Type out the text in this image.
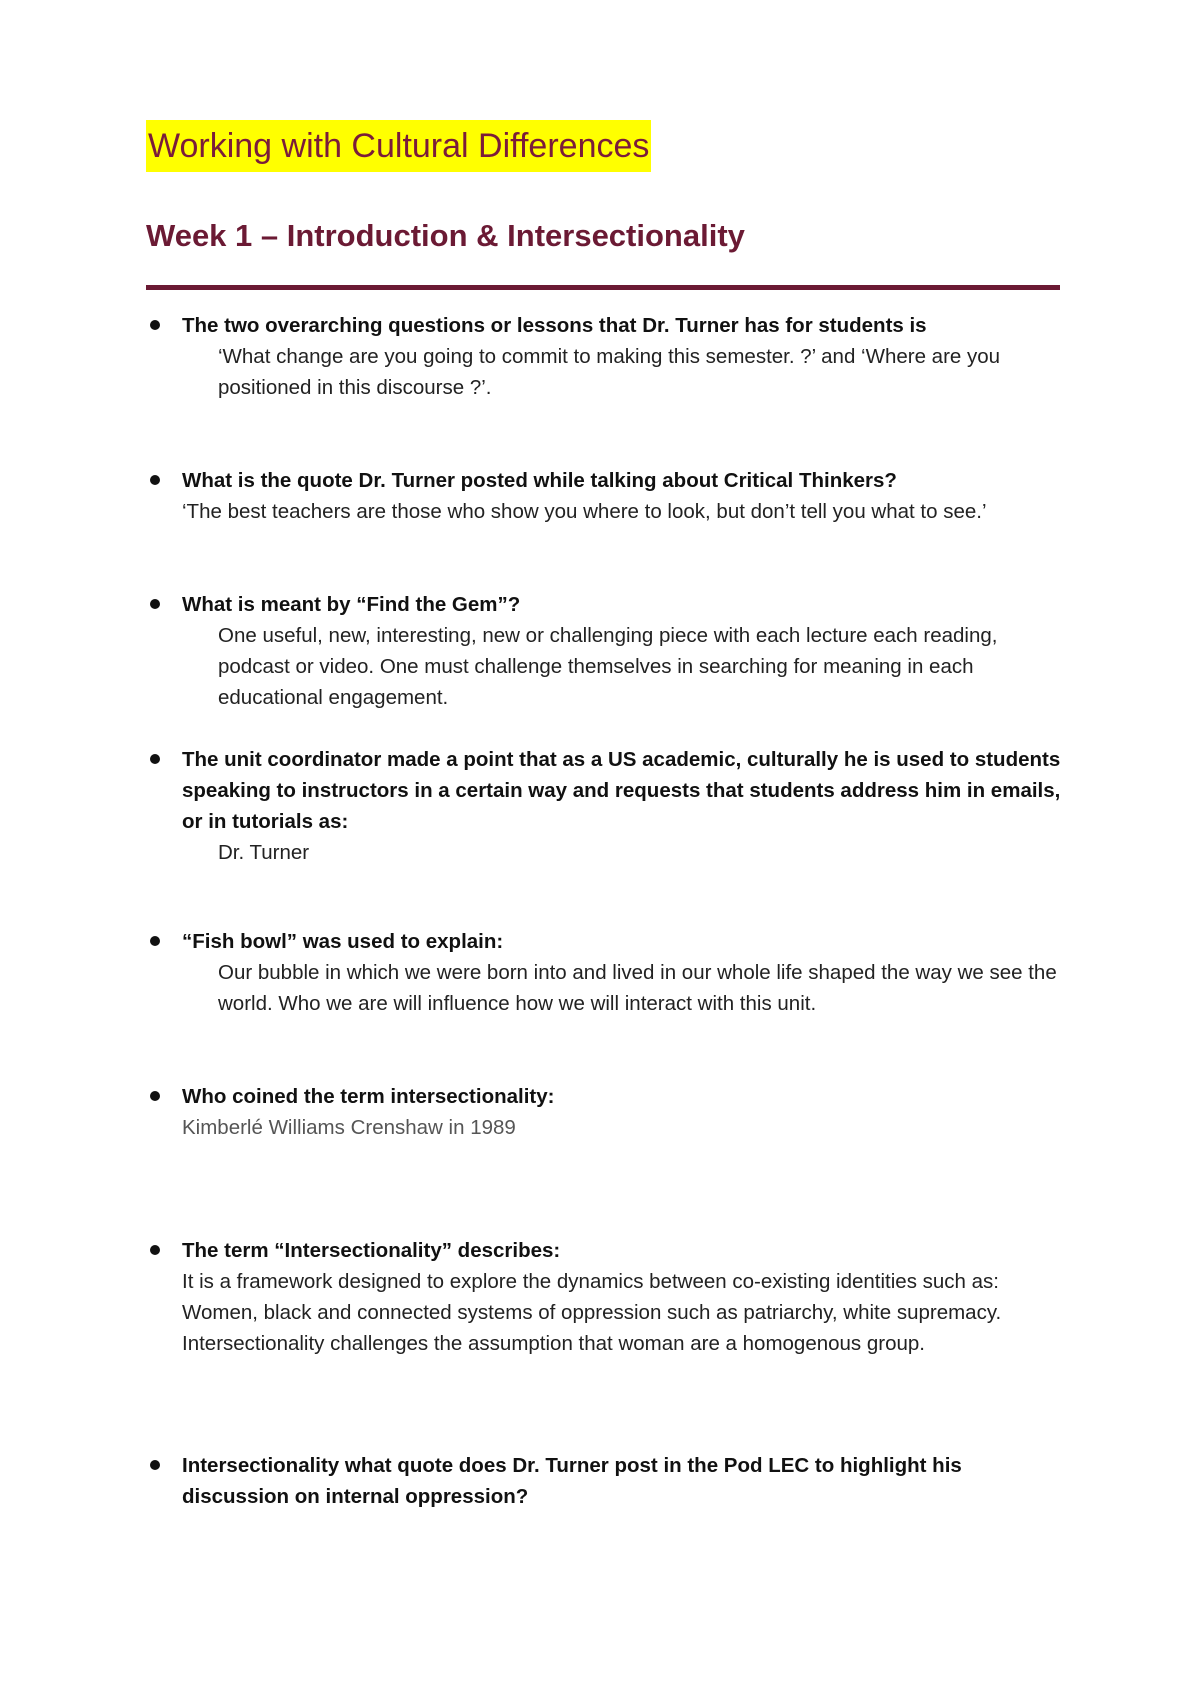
Working with Cultural Differences
Week 1 – Introduction & Intersectionality
The two overarching questions or lessons that Dr. Turner has for students is
‘What change are you going to commit to making this semester. ?’ and ‘Where are you positioned in this discourse ?’.
What is the quote Dr. Turner posted while talking about Critical Thinkers?
‘The best teachers are those who show you where to look, but don’t tell you what to see.’
What is meant by “Find the Gem”?
One useful, new, interesting, new or challenging piece with each lecture each reading, podcast or video. One must challenge themselves in searching for meaning in each educational engagement.
The unit coordinator made a point that as a US academic, culturally he is used to students speaking to instructors in a certain way and requests that students address him in emails, or in tutorials as:
Dr. Turner
“Fish bowl” was used to explain:
Our bubble in which we were born into and lived in our whole life shaped the way we see the world. Who we are will influence how we will interact with this unit.
Who coined the term intersectionality:
Kimberlé Williams Crenshaw in 1989
The term “Intersectionality” describes:
It is a framework designed to explore the dynamics between co-existing identities such as: Women, black and connected systems of oppression such as patriarchy, white supremacy.
Intersectionality challenges the assumption that woman are a homogenous group.
Intersectionality what quote does Dr. Turner post in the Pod LEC to highlight his discussion on internal oppression?
